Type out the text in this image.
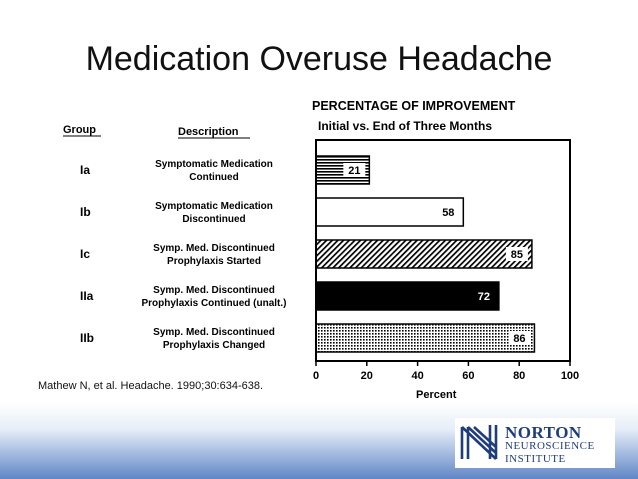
Medication Overuse Headache
Group	Description
PERCENTAGE OF IMPROVEMENT
Initial vs. End of Three Months
Ia	Symptomatic Medication
Continued
21
Ib	Symptomatic Medication
Discontinued
58
Ic	Symp. Med. Discontinued
Prophylaxis Started
85
IIa	Symp. Med. Discontinued
Prophylaxis Continued (unalt.)
72
IIb	Symp. Med. Discontinued
Prophylaxis Changed
86
0	20	40	60	80	100
Percent
Mathew N, et al. Headache. 1990;30:634-638.
NORTON
NEUROSCIENCE
INSTITUTE
